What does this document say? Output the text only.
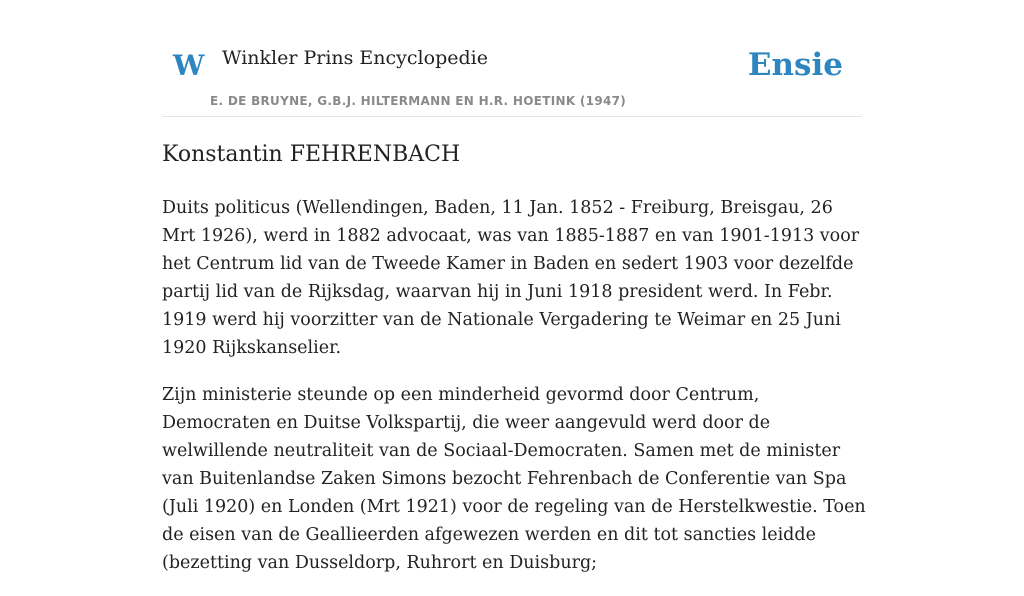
W Winkler Prins Encyclopedie
E. DE BRUYNE, G.B.J. HILTERMANN EN H.R. HOETINK (1947)
Ensie
Konstantin FEHRENBACH

Duits politicus (Wellendingen, Baden, 11 Jan. 1852 - Freiburg, Breisgau, 26 Mrt 1926), werd in 1882 advocaat, was van 1885-1887 en van 1901-1913 voor het Centrum lid van de Tweede Kamer in Baden en sedert 1903 voor dezelfde partij lid van de Rijksdag, waarvan hij in Juni 1918 president werd. In Febr. 1919 werd hij voorzitter van de Nationale Vergadering te Weimar en 25 Juni 1920 Rijkskanselier.

Zijn ministerie steunde op een minderheid gevormd door Centrum, Democraten en Duitse Volkspartij, die weer aangevuld werd door de welwillende neutraliteit van de Sociaal-Democraten. Samen met de minister van Buitenlandse Zaken Simons bezocht Fehrenbach de Conferentie van Spa (Juli 1920) en Londen (Mrt 1921) voor de regeling van de Herstelkwestie. Toen de eisen van de Geallieerden afgewezen werden en dit tot sancties leidde (bezetting van Dusseldorp, Ruhrort en Duisburg;
